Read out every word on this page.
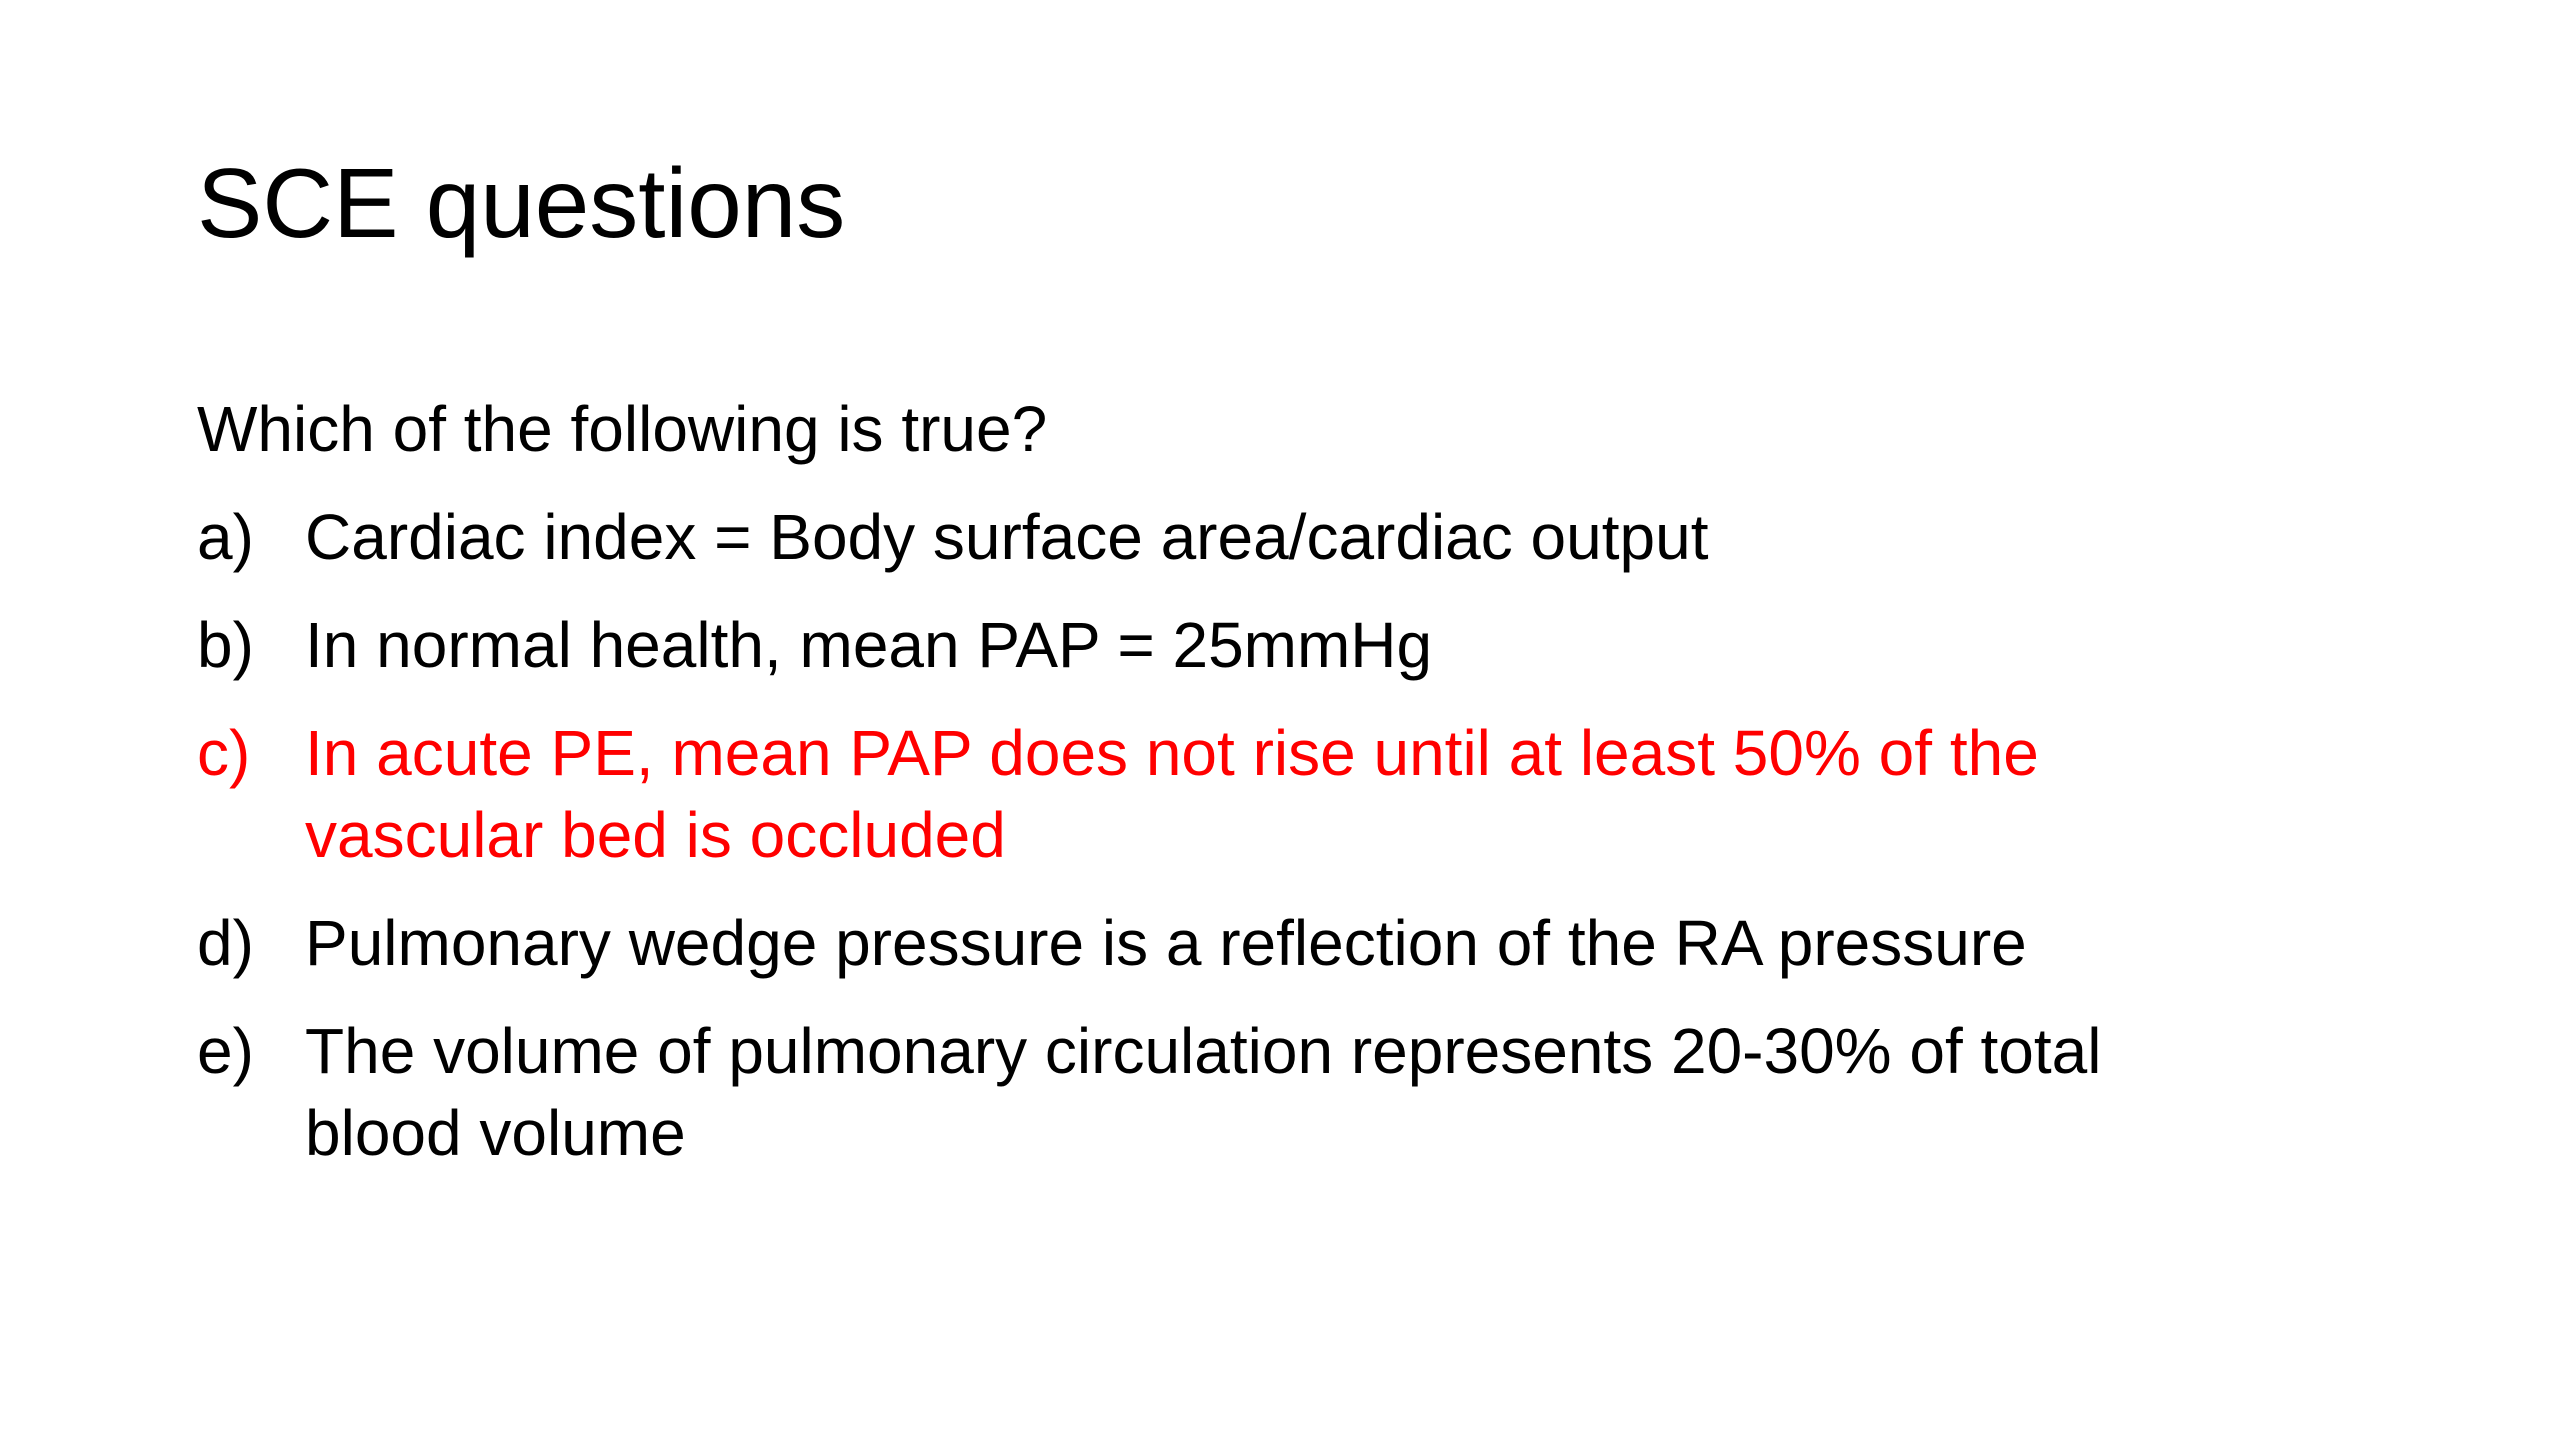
SCE questions

Which of the following is true?

a) Cardiac index = Body surface area/cardiac output
b) In normal health, mean PAP = 25mmHg
c) In acute PE, mean PAP does not rise until at least 50% of the vascular bed is occluded
d) Pulmonary wedge pressure is a reflection of the RA pressure
e) The volume of pulmonary circulation represents 20-30% of total blood volume
